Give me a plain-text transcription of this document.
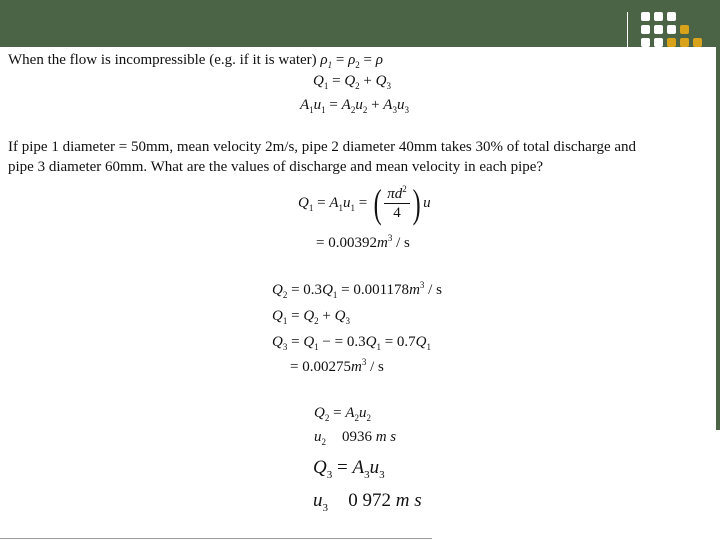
When the flow is incompressible (e.g. if it is water) $\rho_1 = \rho_2 = \rho$
$Q_1 = Q_2 + Q_3$
$A_1u_1 = A_2u_2 + A_3u_3$
If pipe 1 diameter = 50mm, mean velocity 2m/s, pipe 2 diameter 40mm takes 30% of total discharge and
pipe 3 diameter 60mm. What are the values of discharge and mean velocity in each pipe?
$Q_1 = A_1u_1$ = ( $\frac{\pi d^2}{4}$ ) u
= $0.00392m^3$ / s
$Q_2 = 0.3Q_1 = 0.001178m^3 / s$
$Q_1 = Q_2 + Q_3$
$Q_3 = Q_1$ − = $0.3Q_1 = 0.7Q_1$
= $0.00275m^3$ / s
$Q_2 = A_2u_2$
$u_2 = 0936$ m s
$Q_3 = A_3u_3$
$u_3 = 0$ 972 m s
